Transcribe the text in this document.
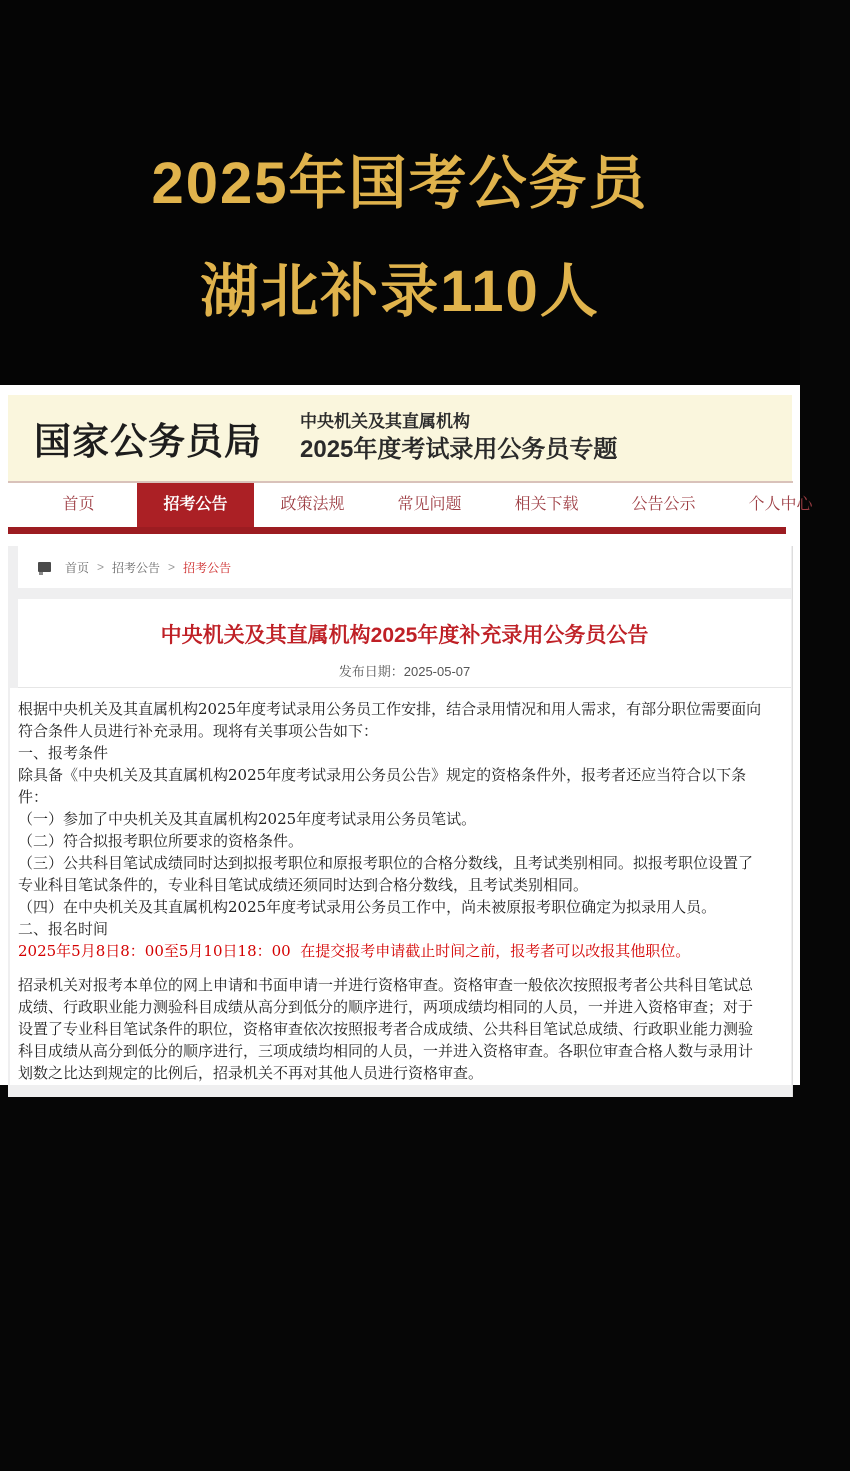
2025年国考公务员
湖北补录110人
国家公务员局 中央机关及其直属机构
2025年度考试录用公务员专题
首页	招考公告	政策法规	常见问题	相关下载	公告公示	个人中心
首页 > 招考公告 > 招考公告
中央机关及其直属机构2025年度补充录用公务员公告
发布日期：2025-05-07

根据中央机关及其直属机构2025年度考试录用公务员工作安排，结合录用情况和用人需求，有部分职位需要面向符合条件人员进行补充录用。现将有关事项公告如下：

一、报考条件

除具备《中央机关及其直属机构2025年度考试录用公务员公告》规定的资格条件外，报考者还应当符合以下条件：

（一）参加了中央机关及其直属机构2025年度考试录用公务员笔试。

（二）符合拟报考职位所要求的资格条件。

（三）公共科目笔试成绩同时达到拟报考职位和原报考职位的合格分数线，且考试类别相同。拟报考职位设置了专业科目笔试条件的，专业科目笔试成绩还须同时达到合格分数线，且考试类别相同。

（四）在中央机关及其直属机构2025年度考试录用公务员工作中，尚未被原报考职位确定为拟录用人员。

二、报名时间

2025年5月8日8：00至5月10日18：00  在提交报考申请截止时间之前，报考者可以改报其他职位。

招录机关对报考本单位的网上申请和书面申请一并进行资格审查。资格审查一般依次按照报考者公共科目笔试总成绩、行政职业能力测验科目成绩从高分到低分的顺序进行，两项成绩均相同的人员，一并进入资格审查；对于设置了专业科目笔试条件的职位，资格审查依次按照报考者合成成绩、公共科目笔试总成绩、行政职业能力测验科目成绩从高分到低分的顺序进行，三项成绩均相同的人员，一并进入资格审查。各职位审查合格人数与录用计划数之比达到规定的比例后，招录机关不再对其他人员进行资格审查。
